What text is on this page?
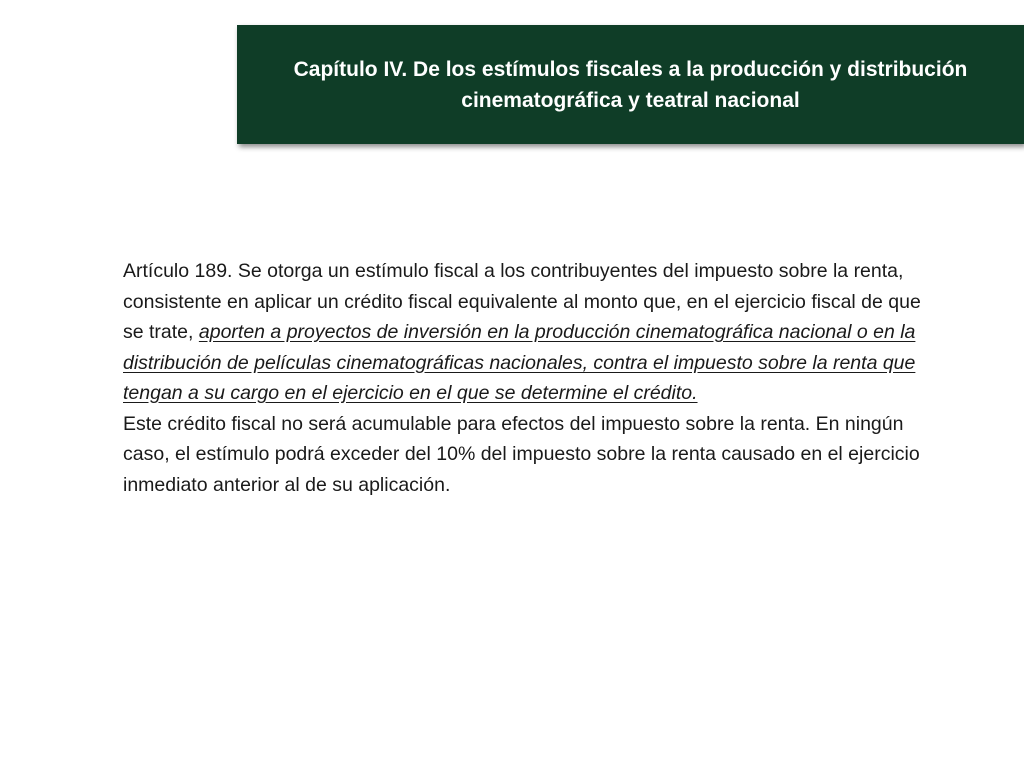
Capítulo IV. De los estímulos fiscales a la producción y distribución cinematográfica y teatral nacional

Artículo 189. Se otorga un estímulo fiscal a los contribuyentes del impuesto sobre la renta, consistente en aplicar un crédito fiscal equivalente al monto que, en el ejercicio fiscal de que se trate, aporten a proyectos de inversión en la producción cinematográfica nacional o en la distribución de películas cinematográficas nacionales, contra el impuesto sobre la renta que tengan a su cargo en el ejercicio en el que se determine el crédito.

Este crédito fiscal no será acumulable para efectos del impuesto sobre la renta. En ningún caso, el estímulo podrá exceder del 10% del impuesto sobre la renta causado en el ejercicio inmediato anterior al de su aplicación.
